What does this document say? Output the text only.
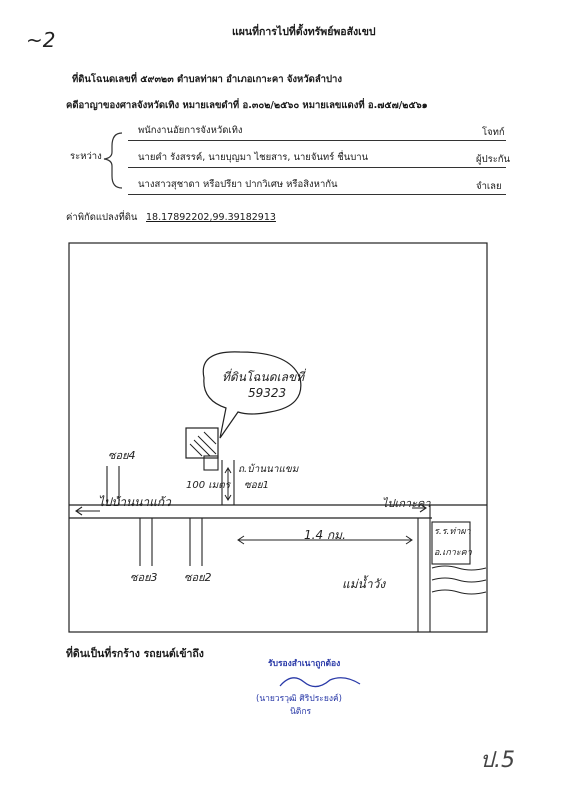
~2	แผนที่การไปที่ตั้งทรัพย์พอสังเขป
ที่ดินโฉนดเลขที่ ๕๙๓๒๓ ตำบลท่าผา อำเภอเกาะคา จังหวัดลำปาง
คดีอาญาของศาลจังหวัดเทิง หมายเลขดำที่ อ.๓๐๒/๒๕๖๐ หมายเลขแดงที่ อ.๗๕๗/๒๕๖๑
ระหว่าง
พนักงานอัยการจังหวัดเทิง	โจทก์
นายคำ รังสรรค์, นายบุญมา ไชยสาร, นายจันทร์ ชื่นบาน	ผู้ประกัน
นางสาวสุชาดา หรือปรียา ปากวิเศษ หรือสิงหากัน	จำเลย
ค่าพิกัดแปลงที่ดิน 18.17892202,99.39182913
ที่ดินโฉนดเลขที่
59323
ซอย4
ไปบ้านนาแก้ว
100 เมตร
ถ.บ้านนาแขม
ซอย1
1.4 กม.
ไปเกาะคา
ซอย3 ซอย2
ร.ร.ท่าผา
อ.เกาะคา
แม่น้ำวัง
ที่ดินเป็นที่รกร้าง รถยนต์เข้าถึง
รับรองสำเนาถูกต้อง
(นายวรวุฒิ ศิริประยงค์)
นิติกร
ป.5
